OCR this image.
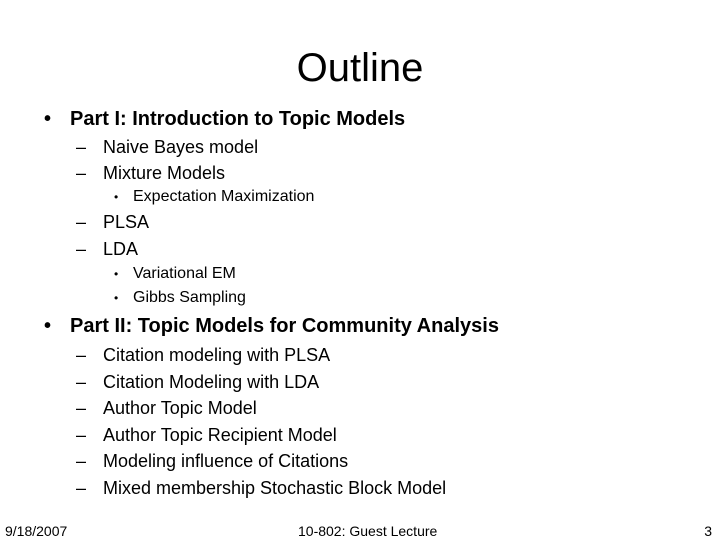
Outline
• Part I: Introduction to Topic Models
– Naive Bayes model
– Mixture Models
• Expectation Maximization
– PLSA
– LDA
• Variational EM
• Gibbs Sampling
• Part II: Topic Models for Community Analysis
– Citation modeling with PLSA
– Citation Modeling with LDA
– Author Topic Model
– Author Topic Recipient Model
– Modeling influence of Citations
– Mixed membership Stochastic Block Model
9/18/2007	10-802: Guest Lecture	3
